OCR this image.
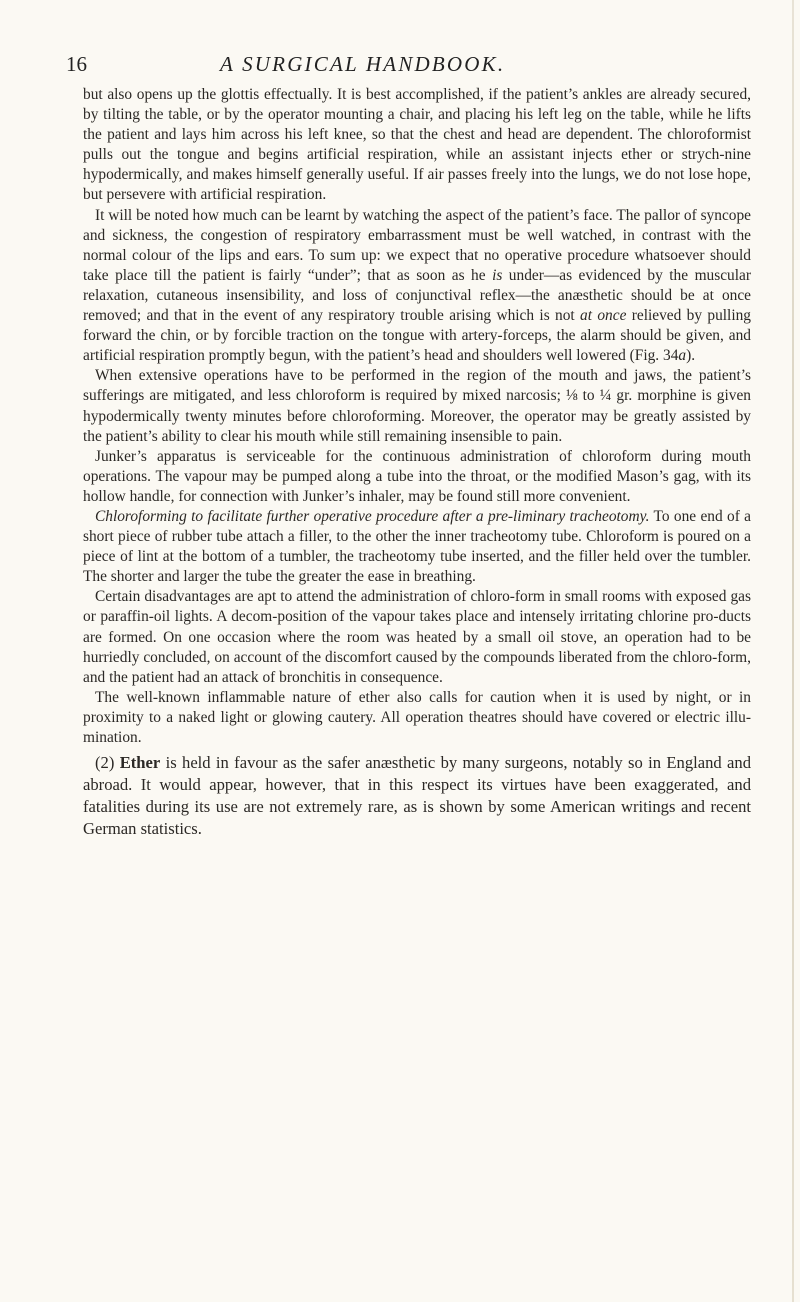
16	A SURGICAL HANDBOOK.

but also opens up the glottis effectually. It is best accomplished, if the patient’s ankles are already secured, by tilting the table, or by the operator mounting a chair, and placing his left leg on the table, while he lifts the patient and lays him across his left knee, so that the chest and head are dependent. The chloroformist pulls out the tongue and begins artificial respiration, while an assistant injects ether or strych-nine hypodermically, and makes himself generally useful. If air passes freely into the lungs, we do not lose hope, but persevere with artificial respiration.

It will be noted how much can be learnt by watching the aspect of the patient’s face. The pallor of syncope and sickness, the congestion of respiratory embarrassment must be well watched, in contrast with the normal colour of the lips and ears. To sum up: we expect that no operative procedure whatsoever should take place till the patient is fairly “under”; that as soon as he is under—as evidenced by the muscular relaxation, cutaneous insensibility, and loss of conjunctival reflex—the anæsthetic should be at once removed; and that in the event of any respiratory trouble arising which is not at once relieved by pulling forward the chin, or by forcible traction on the tongue with artery-forceps, the alarm should be given, and artificial respiration promptly begun, with the patient’s head and shoulders well lowered (Fig. 34a).

When extensive operations have to be performed in the region of the mouth and jaws, the patient’s sufferings are mitigated, and less chloroform is required by mixed narcosis; ⅛ to ¼ gr. morphine is given hypodermically twenty minutes before chloroforming. Moreover, the operator may be greatly assisted by the patient’s ability to clear his mouth while still remaining insensible to pain.

Junker’s apparatus is serviceable for the continuous administration of chloroform during mouth operations. The vapour may be pumped along a tube into the throat, or the modified Mason’s gag, with its hollow handle, for connection with Junker’s inhaler, may be found still more convenient.

Chloroforming to facilitate further operative procedure after a pre-liminary tracheotomy. To one end of a short piece of rubber tube attach a filler, to the other the inner tracheotomy tube. Chloroform is poured on a piece of lint at the bottom of a tumbler, the tracheotomy tube inserted, and the filler held over the tumbler. The shorter and larger the tube the greater the ease in breathing.

Certain disadvantages are apt to attend the administration of chloro-form in small rooms with exposed gas or paraffin-oil lights. A decom-position of the vapour takes place and intensely irritating chlorine pro-ducts are formed. On one occasion where the room was heated by a small oil stove, an operation had to be hurriedly concluded, on account of the discomfort caused by the compounds liberated from the chloro-form, and the patient had an attack of bronchitis in consequence.

The well-known inflammable nature of ether also calls for caution when it is used by night, or in proximity to a naked light or glowing cautery. All operation theatres should have covered or electric illu-mination.

(2) Ether is held in favour as the safer anæsthetic by many surgeons, notably so in England and abroad. It would appear, however, that in this respect its virtues have been exaggerated, and fatalities during its use are not extremely rare, as is shown by some American writings and recent German statistics.
